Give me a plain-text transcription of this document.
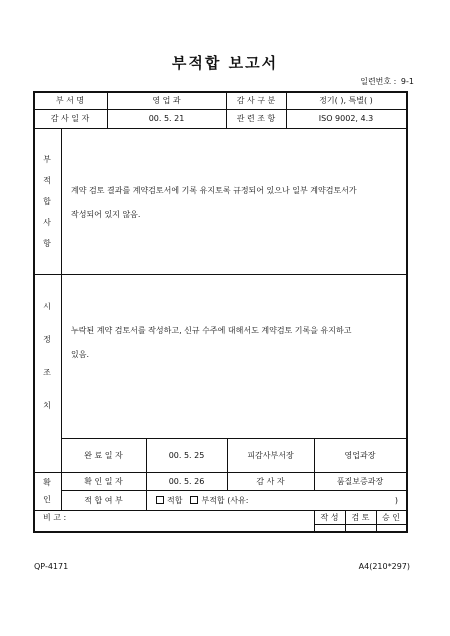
부적합 보고서
일련번호 : 9-1
부 서 명	영 업 과	감 사 구 분	정기( ), 특별( )
감 사 일 자	00. 5. 21	관 련 조 항	ISO 9002, 4.3
부
적
합
사
항
계약 검토 결과를 계약검토서에 기록 유지토록 규정되어 있으나 일부 계약검토서가
작성되어 있지 않음.
시
정
조
치
누락된 계약 검토서를 작성하고, 신규 수주에 대해서도 계약검토 기록을 유지하고
있음.
완 료 일 자	00. 5. 25	피감사부서장	영업과장
확
인
확 인 일 자	00. 5. 26	감 사 자	품질보증과장
적 합 여 부	적합 부적합 (사유:	)
비 고 :	작 성	검 토	승 인
QP-4171	A4(210*297)
